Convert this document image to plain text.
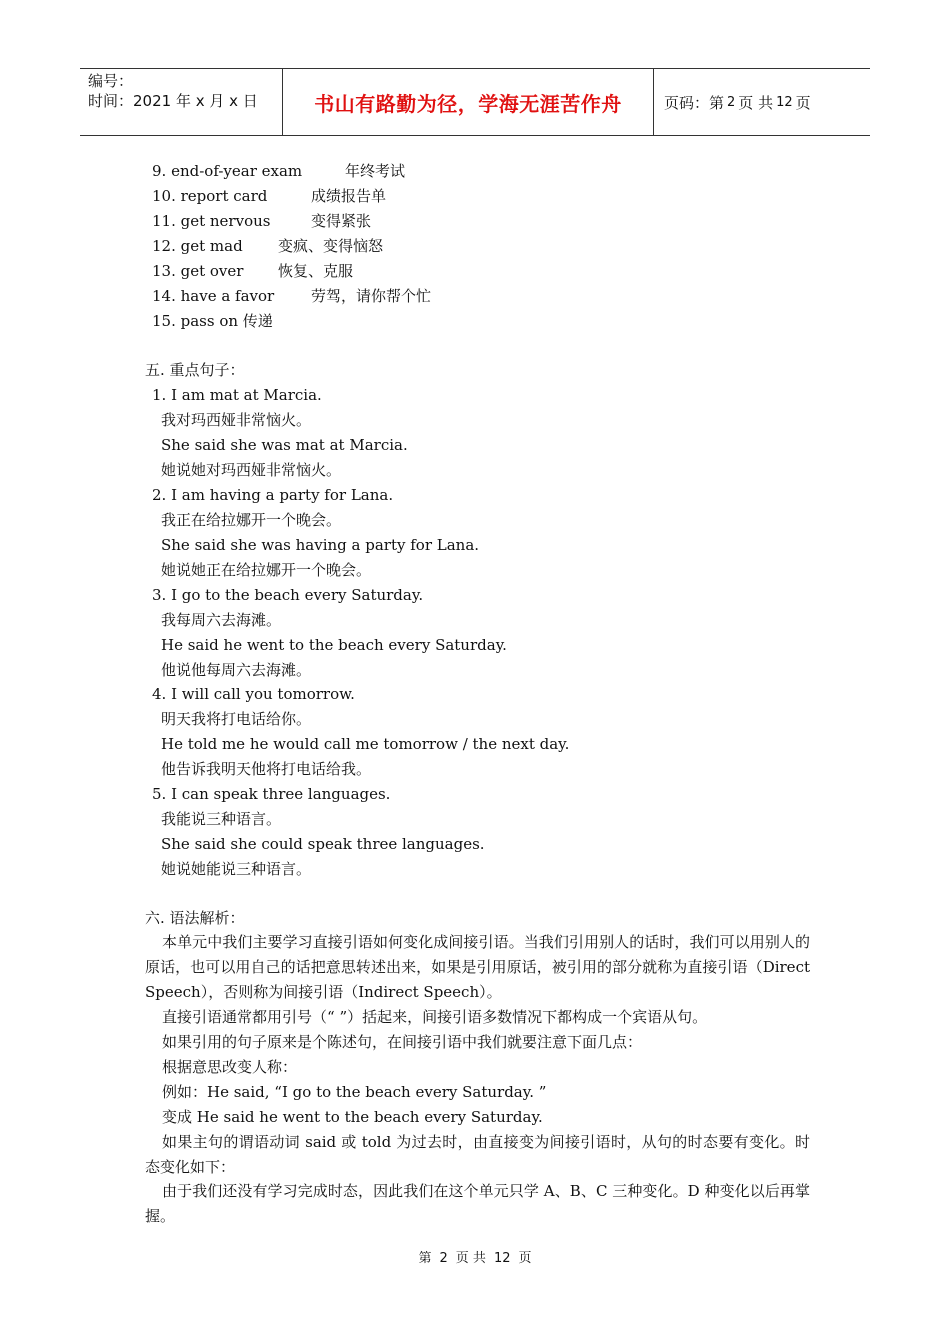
编号：
时间：2021 年 x 月 x 日	书山有路勤为径，学海无涯苦作舟	页码：第 2 页 共 12 页
9. end-of-year exam	年终考试
10. report card	成绩报告单
11. get nervous	变得紧张
12. get mad 变疯、变得恼怒
13. get over 恢复、克服
14. have a favor 劳驾，请你帮个忙
15. pass on 传递
五. 重点句子：
1. I am mat at Marcia.
我对玛西娅非常恼火。
She said she was mat at Marcia.
她说她对玛西娅非常恼火。
2. I am having a party for Lana.
我正在给拉娜开一个晚会。
She said she was having a party for Lana.
她说她正在给拉娜开一个晚会。
3. I go to the beach every Saturday.
我每周六去海滩。
He said he went to the beach every Saturday.
他说他每周六去海滩。
4. I will call you tomorrow.
明天我将打电话给你。
He told me he would call me tomorrow / the next day.
他告诉我明天他将打电话给我。
5. I can speak three languages.
我能说三种语言。
She said she could speak three languages.
她说她能说三种语言。
六. 语法解析：
本单元中我们主要学习直接引语如何变化成间接引语。当我们引用别人的话时，我们可以用别人的原话，也可以用自己的话把意思转述出来，如果是引用原话，被引用的部分就称为直接引语（Direct Speech），否则称为间接引语（Indirect Speech）。
直接引语通常都用引号（“ ”）括起来，间接引语多数情况下都构成一个宾语从句。
如果引用的句子原来是个陈述句，在间接引语中我们就要注意下面几点：
根据意思改变人称：
例如：He said, “I go to the beach every Saturday. ”
变成 He said he went to the beach every Saturday.
如果主句的谓语动词 said 或 told 为过去时，由直接变为间接引语时，从句的时态要有变化。时态变化如下：
由于我们还没有学习完成时态，因此我们在这个单元只学 A、B、C 三种变化。D 种变化以后再掌握。
第 2 页 共 12 页
